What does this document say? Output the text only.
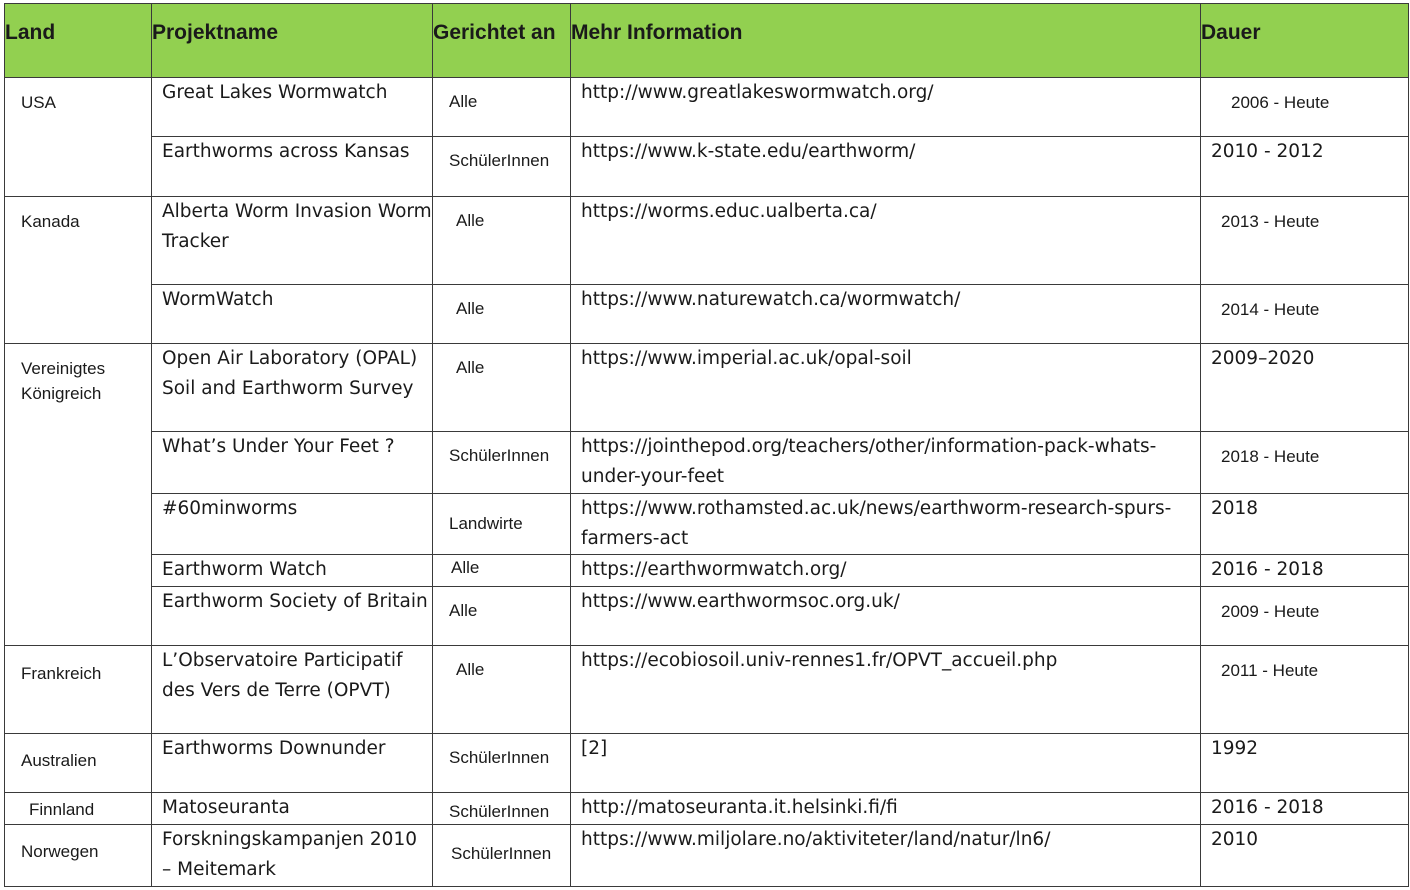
Land	Projektname	Gerichtet an	Mehr Information	Dauer
USA	Great Lakes Wormwatch	Alle	http://www.greatlakeswormwatch.org/	2006 - Heute
	Earthworms across Kansas	SchülerInnen	https://www.k-state.edu/earthworm/	2010 - 2012
Kanada	Alberta Worm Invasion Worm Tracker	Alle	https://worms.educ.ualberta.ca/	2013 - Heute
	WormWatch	Alle	https://www.naturewatch.ca/wormwatch/	2014 - Heute
Vereinigtes Königreich	Open Air Laboratory (OPAL) Soil and Earthworm Survey	Alle	https://www.imperial.ac.uk/opal-soil	2009–2020
	What’s Under Your Feet ?	SchülerInnen	https://jointhepod.org/teachers/other/information-pack-whats-under-your-feet	2018 - Heute
	#60minworms	Landwirte	https://www.rothamsted.ac.uk/news/earthworm-research-spurs-farmers-act	2018
	Earthworm Watch	Alle	https://earthwormwatch.org/	2016 - 2018
	Earthworm Society of Britain	Alle	https://www.earthwormsoc.org.uk/	2009 - Heute
Frankreich	L’Observatoire Participatif des Vers de Terre (OPVT)	Alle	https://ecobiosoil.univ-rennes1.fr/OPVT_accueil.php	2011 - Heute
Australien	Earthworms Downunder	SchülerInnen	[2]	1992
Finnland	Matoseuranta	SchülerInnen	http://matoseuranta.it.helsinki.fi/fi	2016 - 2018
Norwegen	Forskningskampanjen 2010 – Meitemark	SchülerInnen	https://www.miljolare.no/aktiviteter/land/natur/ln6/	2010
